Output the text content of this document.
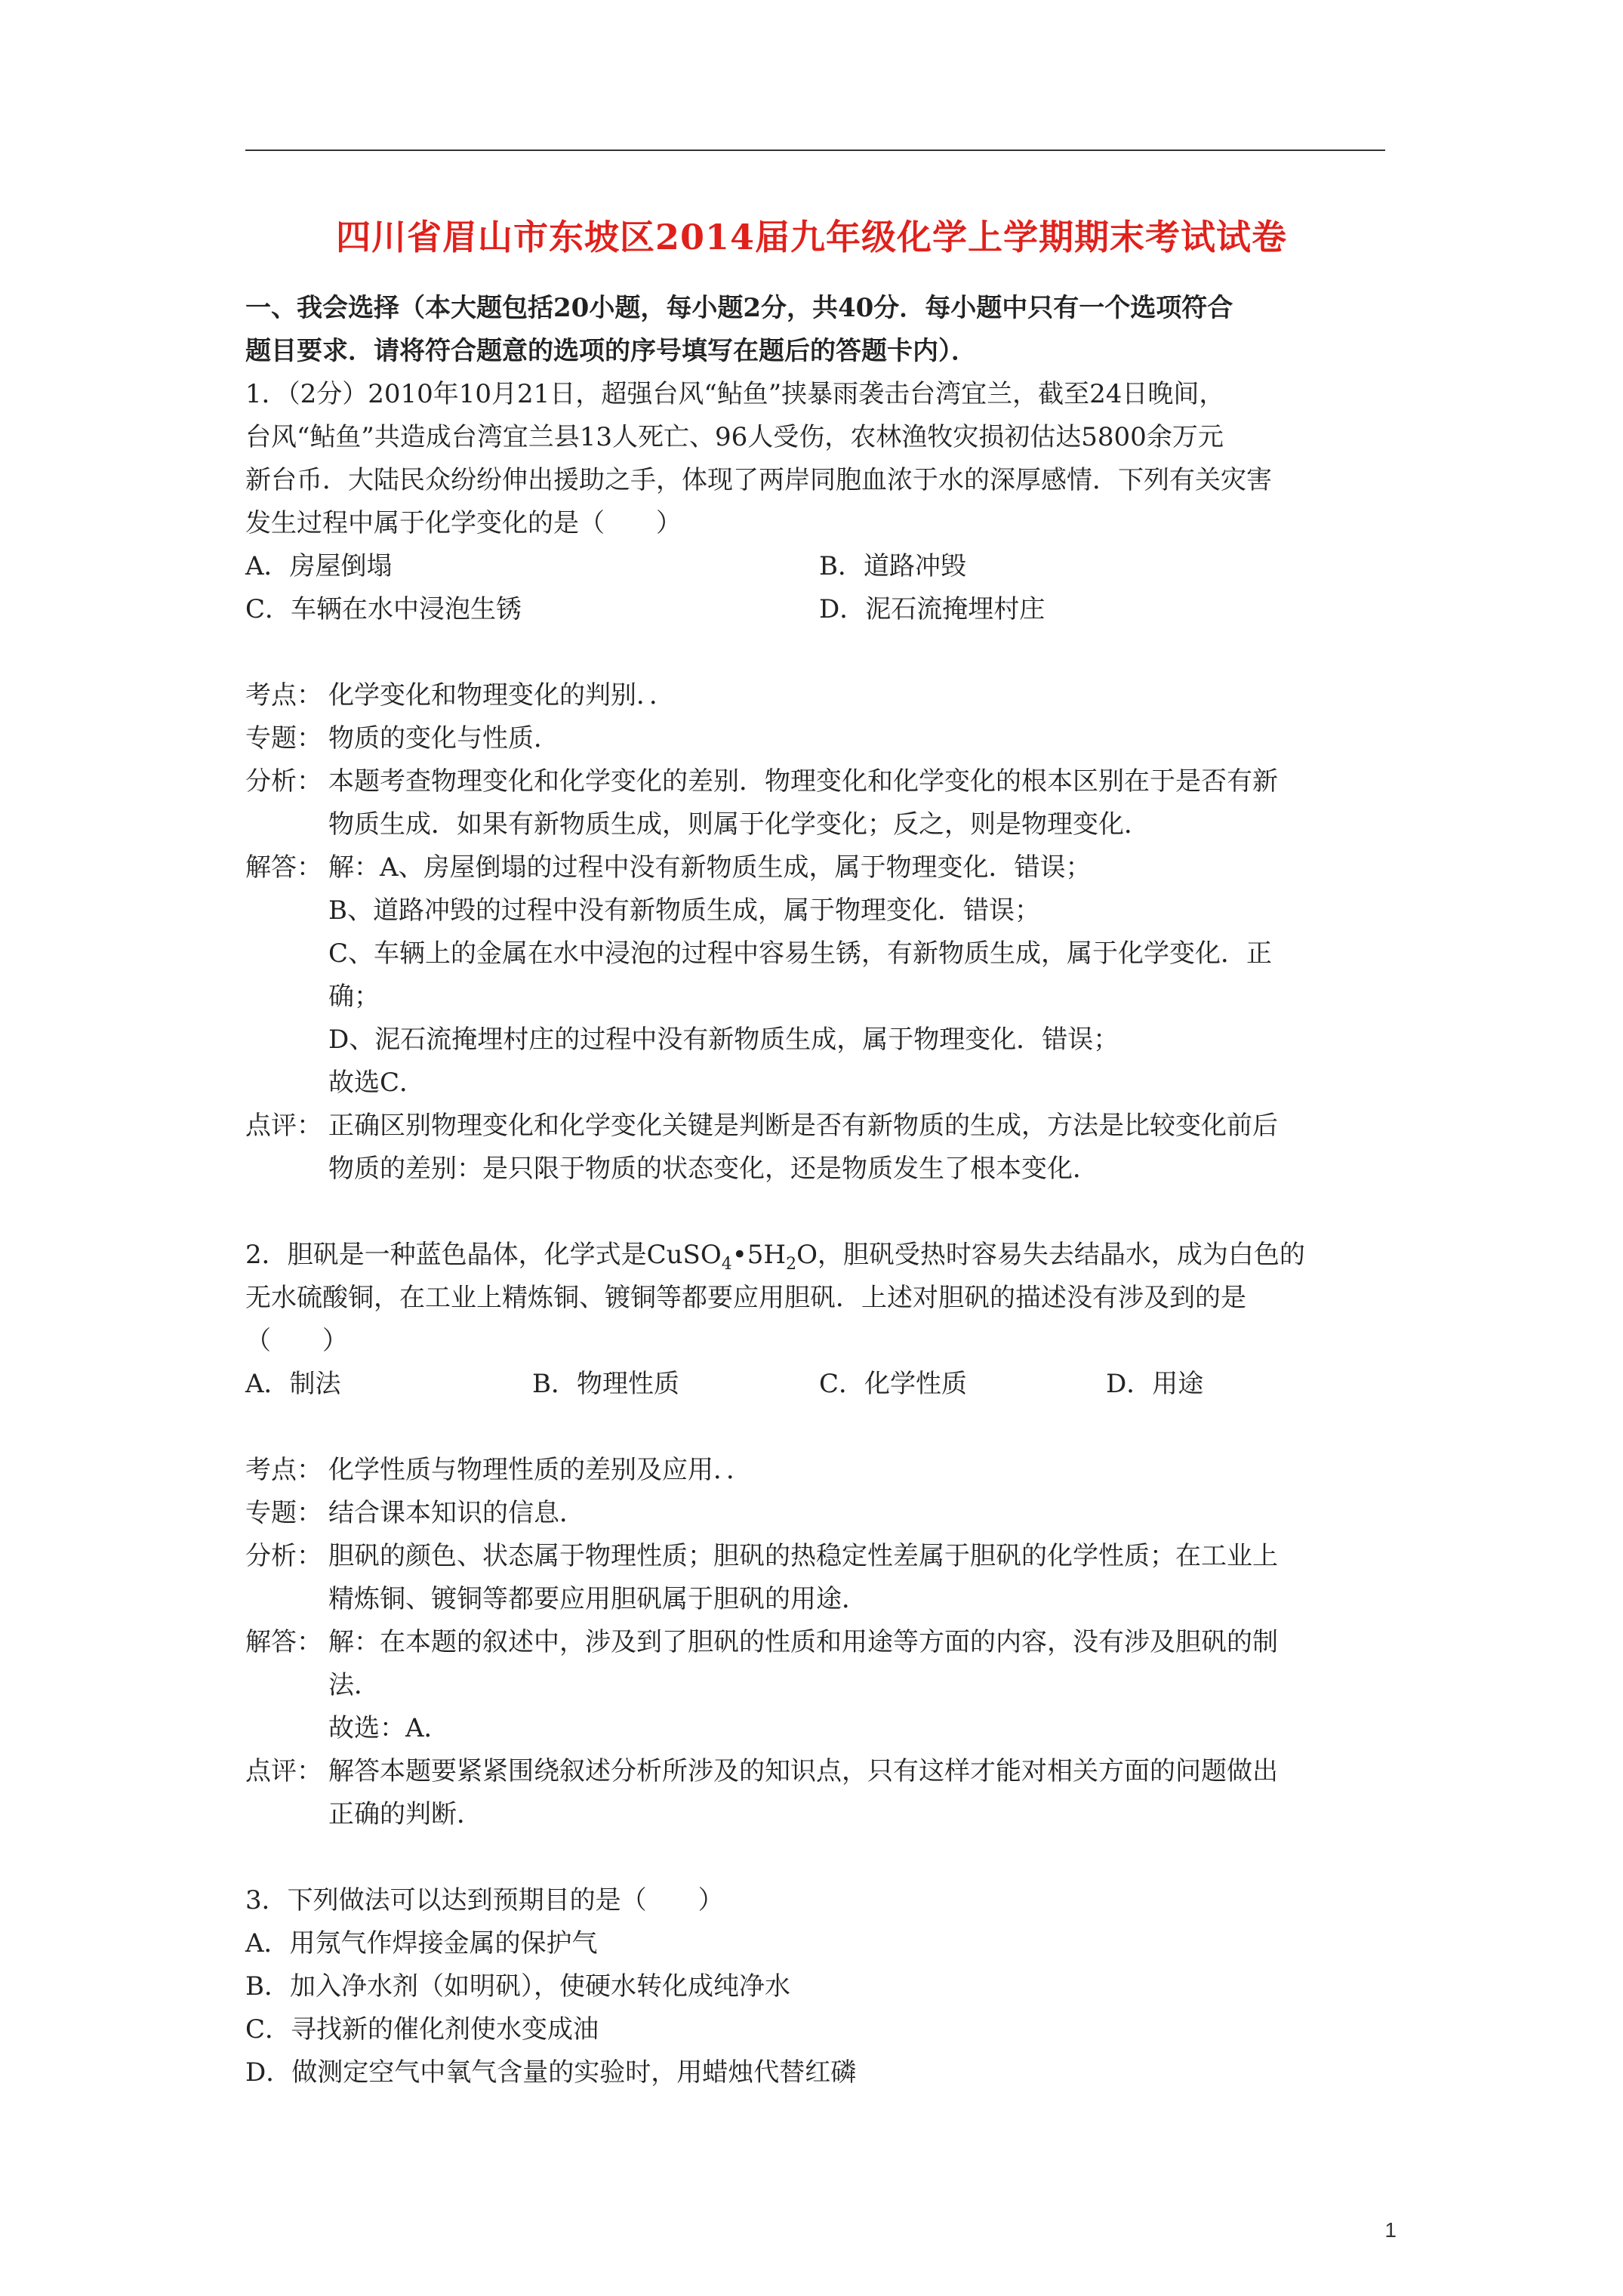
四川省眉山市东坡区2014届九年级化学上学期期末考试试卷
一、我会选择（本大题包括20小题，每小题2分，共40分．每小题中只有一个选项符合
题目要求．请将符合题意的选项的序号填写在题后的答题卡内）．
1．（2分）2010年10月21日，超强台风“鲇鱼”挟暴雨袭击台湾宜兰，截至24日晚间，
台风“鲇鱼”共造成台湾宜兰县13人死亡、96人受伤，农林渔牧灾损初估达5800余万元
新台币．大陆民众纷纷伸出援助之手，体现了两岸同胞血浓于水的深厚感情．下列有关灾害
发生过程中属于化学变化的是（　　）
A．房屋倒塌	B．道路冲毁
C．车辆在水中浸泡生锈	D．泥石流掩埋村庄
考点： 化学变化和物理变化的判别．．
专题： 物质的变化与性质．
分析： 本题考查物理变化和化学变化的差别．物理变化和化学变化的根本区别在于是否有新
物质生成．如果有新物质生成，则属于化学变化；反之，则是物理变化．
解答： 解：A、房屋倒塌的过程中没有新物质生成，属于物理变化．错误；
B、道路冲毁的过程中没有新物质生成，属于物理变化．错误；
C、车辆上的金属在水中浸泡的过程中容易生锈，有新物质生成，属于化学变化．正
确；
D、泥石流掩埋村庄的过程中没有新物质生成，属于物理变化．错误；
故选C．
点评： 正确区别物理变化和化学变化关键是判断是否有新物质的生成，方法是比较变化前后
物质的差别：是只限于物质的状态变化，还是物质发生了根本变化．
2．胆矾是一种蓝色晶体，化学式是$CuSO_4•5H_2O$，胆矾受热时容易失去结晶水，成为白色的
无水硫酸铜，在工业上精炼铜、镀铜等都要应用胆矾．上述对胆矾的描述没有涉及到的是
（　　）
A．制法	B．物理性质	C．化学性质	D．用途
考点： 化学性质与物理性质的差别及应用．．
专题： 结合课本知识的信息．
分析： 胆矾的颜色、状态属于物理性质；胆矾的热稳定性差属于胆矾的化学性质；在工业上
精炼铜、镀铜等都要应用胆矾属于胆矾的用途．
解答： 解：在本题的叙述中，涉及到了胆矾的性质和用途等方面的内容，没有涉及胆矾的制
法．
故选：A．
点评： 解答本题要紧紧围绕叙述分析所涉及的知识点，只有这样才能对相关方面的问题做出
正确的判断．
3．下列做法可以达到预期目的是（　　）
A．用氖气作焊接金属的保护气
B．加入净水剂（如明矾），使硬水转化成纯净水
C．寻找新的催化剂使水变成油
D．做测定空气中氧气含量的实验时，用蜡烛代替红磷
1
